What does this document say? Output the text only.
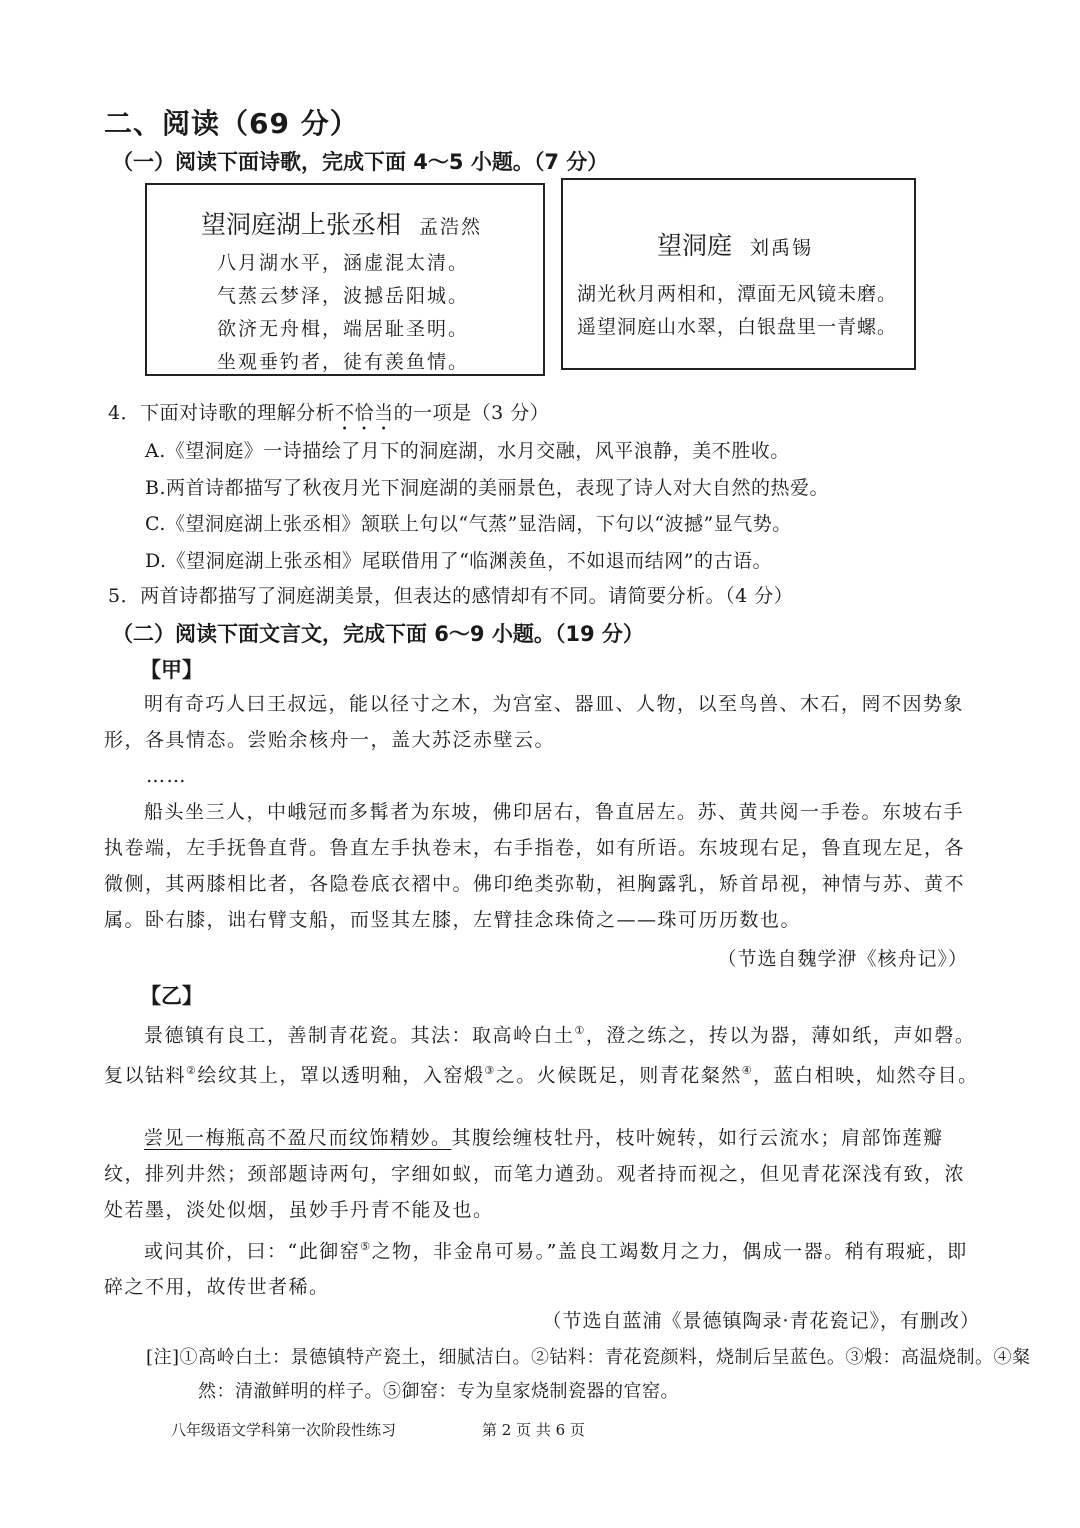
二、阅读（69 分）
（一）阅读下面诗歌，完成下面 4～5 小题。（7 分）
望洞庭湖上张丞相 孟浩然
八月湖水平，涵虚混太清。
气蒸云梦泽，波撼岳阳城。
欲济无舟楫，端居耻圣明。
坐观垂钓者，徒有羡鱼情。
望洞庭 刘禹锡
湖光秋月两相和，潭面无风镜未磨。
遥望洞庭山水翠，白银盘里一青螺。
4．下面对诗歌的理解分析不恰当的一项是（3 分）
A.《望洞庭》一诗描绘了月下的洞庭湖，水月交融，风平浪静，美不胜收。
B.两首诗都描写了秋夜月光下洞庭湖的美丽景色，表现了诗人对大自然的热爱。
C.《望洞庭湖上张丞相》颔联上句以“气蒸”显浩阔，下句以“波撼”显气势。
D.《望洞庭湖上张丞相》尾联借用了“临渊羡鱼，不如退而结网”的古语。
5．两首诗都描写了洞庭湖美景，但表达的感情却有不同。请简要分析。（4 分）
（二）阅读下面文言文，完成下面 6～9 小题。（19 分）
【甲】
明有奇巧人曰王叔远，能以径寸之木，为宫室、器皿、人物，以至鸟兽、木石，罔不因势象形，各具情态。尝贻余核舟一，盖大苏泛赤壁云。
……
船头坐三人，中峨冠而多髯者为东坡，佛印居右，鲁直居左。苏、黄共阅一手卷。东坡右手执卷端，左手抚鲁直背。鲁直左手执卷末，右手指卷，如有所语。东坡现右足，鲁直现左足，各微侧，其两膝相比者，各隐卷底衣褶中。佛印绝类弥勒，袒胸露乳，矫首昂视，神情与苏、黄不属。卧右膝，诎右臂支船，而竖其左膝，左臂挂念珠倚之——珠可历历数也。
（节选自魏学洢《核舟记》）
【乙】
景德镇有良工，善制青花瓷。其法：取高岭白土①，澄之练之，抟以为器，薄如纸，声如磬。复以钴料②绘纹其上，罩以透明釉，入窑煅③之。火候既足，则青花粲然④，蓝白相映，灿然夺目。
尝见一梅瓶高不盈尺而纹饰精妙。其腹绘缠枝牡丹，枝叶婉转，如行云流水；肩部饰莲瓣纹，排列井然；颈部题诗两句，字细如蚁，而笔力遒劲。观者持而视之，但见青花深浅有致，浓处若墨，淡处似烟，虽妙手丹青不能及也。
或问其价，曰：“此御窑⑤之物，非金帛可易。”盖良工竭数月之力，偶成一器。稍有瑕疵，即碎之不用，故传世者稀。
（节选自蓝浦《景德镇陶录·青花瓷记》，有删改）
[注]①高岭白土：景德镇特产瓷土，细腻洁白。②钴料：青花瓷颜料，烧制后呈蓝色。③煅：高温烧制。④粲然：清澈鲜明的样子。⑤御窑：专为皇家烧制瓷器的官窑。
八年级语文学科第一次阶段性练习	第 2 页 共 6 页
